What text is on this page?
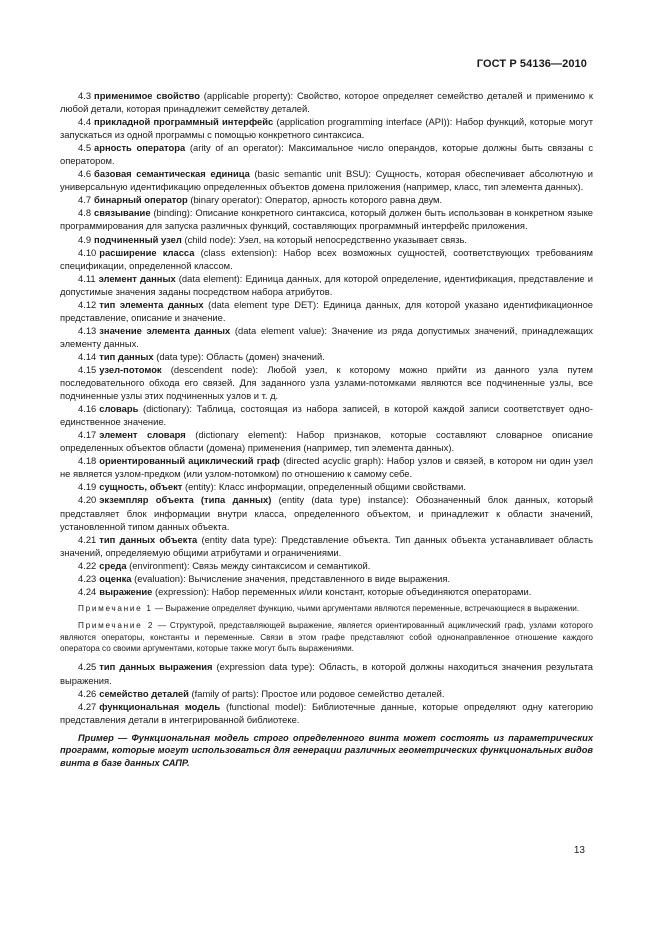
ГОСТ Р 54136—2010

4.3 применимое свойство (applicable property): Свойство, которое определяет семейство деталей и применимо к любой детали, которая принадлежит семейству деталей.

4.4 прикладной программный интерфейс (application programming interface (API)): Набор функций, которые могут запускаться из одной программы с помощью конкретного синтаксиса.

4.5 арность оператора (arity of an operator): Максимальное число операндов, которые должны быть связаны с оператором.

4.6 базовая семантическая единица (basic semantic unit BSU): Сущность, которая обеспечивает абсолютную и универсальную идентификацию определенных объектов домена приложения (например, класс, тип элемента данных).

4.7 бинарный оператор (binary operator): Оператор, арность которого равна двум.

4.8 связывание (binding): Описание конкретного синтаксиса, который должен быть использован в конкретном языке программирования для запуска различных функций, составляющих программный интерфейс приложения.

4.9 подчиненный узел (child node): Узел, на который непосредственно указывает связь.

4.10 расширение класса (class extension): Набор всех возможных сущностей, соответствующих требованиям спецификации, определенной классом.

4.11 элемент данных (data element): Единица данных, для которой определение, идентификация, представление и допустимые значения заданы посредством набора атрибутов.

4.12 тип элемента данных (data element type DET): Единица данных, для которой указано идентификационное представление, описание и значение.

4.13 значение элемента данных (data element value): Значение из ряда допустимых значений, принадлежащих элементу данных.

4.14 тип данных (data type): Область (домен) значений.

4.15 узел-потомок (descendent node): Любой узел, к которому можно прийти из данного узла путем последовательного обхода его связей. Для заданного узла узлами-потомками являются все подчиненные узлы, все подчиненные узлы этих подчиненных узлов и т. д.

4.16 словарь (dictionary): Таблица, состоящая из набора записей, в которой каждой записи соответствует одно-единственное значение.

4.17 элемент словаря (dictionary element): Набор признаков, которые составляют словарное описание определенных объектов области (домена) применения (например, тип элемента данных).

4.18 ориентированный ациклический граф (directed acyclic graph): Набор узлов и связей, в котором ни один узел не является узлом-предком (или узлом-потомком) по отношению к самому себе.

4.19 сущность, объект (entity): Класс информации, определенный общими свойствами.

4.20 экземпляр объекта (типа данных) (entity (data type) instance): Обозначенный блок данных, который представляет блок информации внутри класса, определенного объектом, и принадлежит к области значений, установленной типом данных объекта.

4.21 тип данных объекта (entity data type): Представление объекта. Тип данных объекта устанавливает область значений, определяемую общими атрибутами и ограничениями.

4.22 среда (environment): Связь между синтаксисом и семантикой.

4.23 оценка (evaluation): Вычисление значения, представленного в виде выражения.

4.24 выражение (expression): Набор переменных и/или констант, которые объединяются операторами.

Примечание 1 — Выражение определяет функцию, чьими аргументами являются переменные, встречающиеся в выражении.

Примечание 2 — Структурой, представляющей выражение, является ориентированный ациклический граф, узлами которого являются операторы, константы и переменные. Связи в этом графе представляют собой однонаправленное отношение каждого оператора со своими аргументами, которые также могут быть выражениями.

4.25 тип данных выражения (expression data type): Область, в которой должны находиться значения результата выражения.

4.26 семейство деталей (family of parts): Простое или родовое семейство деталей.

4.27 функциональная модель (functional model): Библиотечные данные, которые определяют одну категорию представления детали в интегрированной библиотеке.

Пример — Функциональная модель строго определенного винта может состоять из параметрических программ, которые могут использоваться для генерации различных геометрических функциональных видов винта в базе данных САПР.

13
